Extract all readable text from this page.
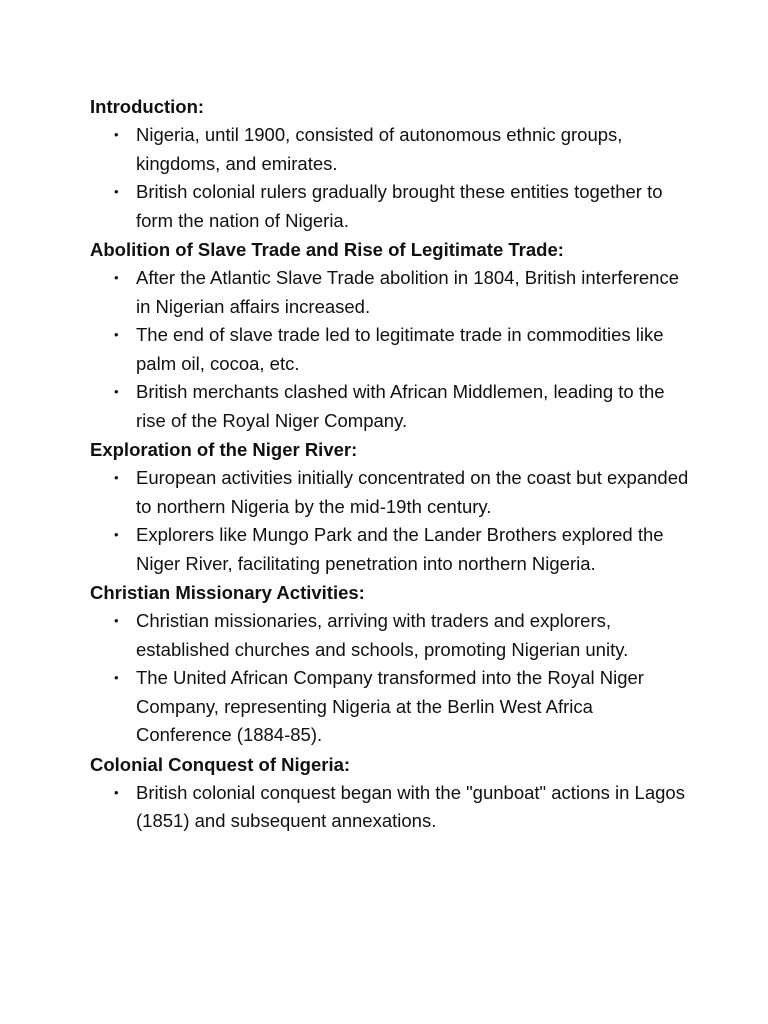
Introduction:
• Nigeria, until 1900, consisted of autonomous ethnic groups, kingdoms, and emirates.
• British colonial rulers gradually brought these entities together to form the nation of Nigeria.
Abolition of Slave Trade and Rise of Legitimate Trade:
• After the Atlantic Slave Trade abolition in 1804, British interference in Nigerian affairs increased.
• The end of slave trade led to legitimate trade in commodities like palm oil, cocoa, etc.
• British merchants clashed with African Middlemen, leading to the rise of the Royal Niger Company.
Exploration of the Niger River:
• European activities initially concentrated on the coast but expanded to northern Nigeria by the mid-19th century.
• Explorers like Mungo Park and the Lander Brothers explored the Niger River, facilitating penetration into northern Nigeria.
Christian Missionary Activities:
• Christian missionaries, arriving with traders and explorers, established churches and schools, promoting Nigerian unity.
• The United African Company transformed into the Royal Niger Company, representing Nigeria at the Berlin West Africa Conference (1884-85).
Colonial Conquest of Nigeria:
• British colonial conquest began with the "gunboat" actions in Lagos (1851) and subsequent annexations.
